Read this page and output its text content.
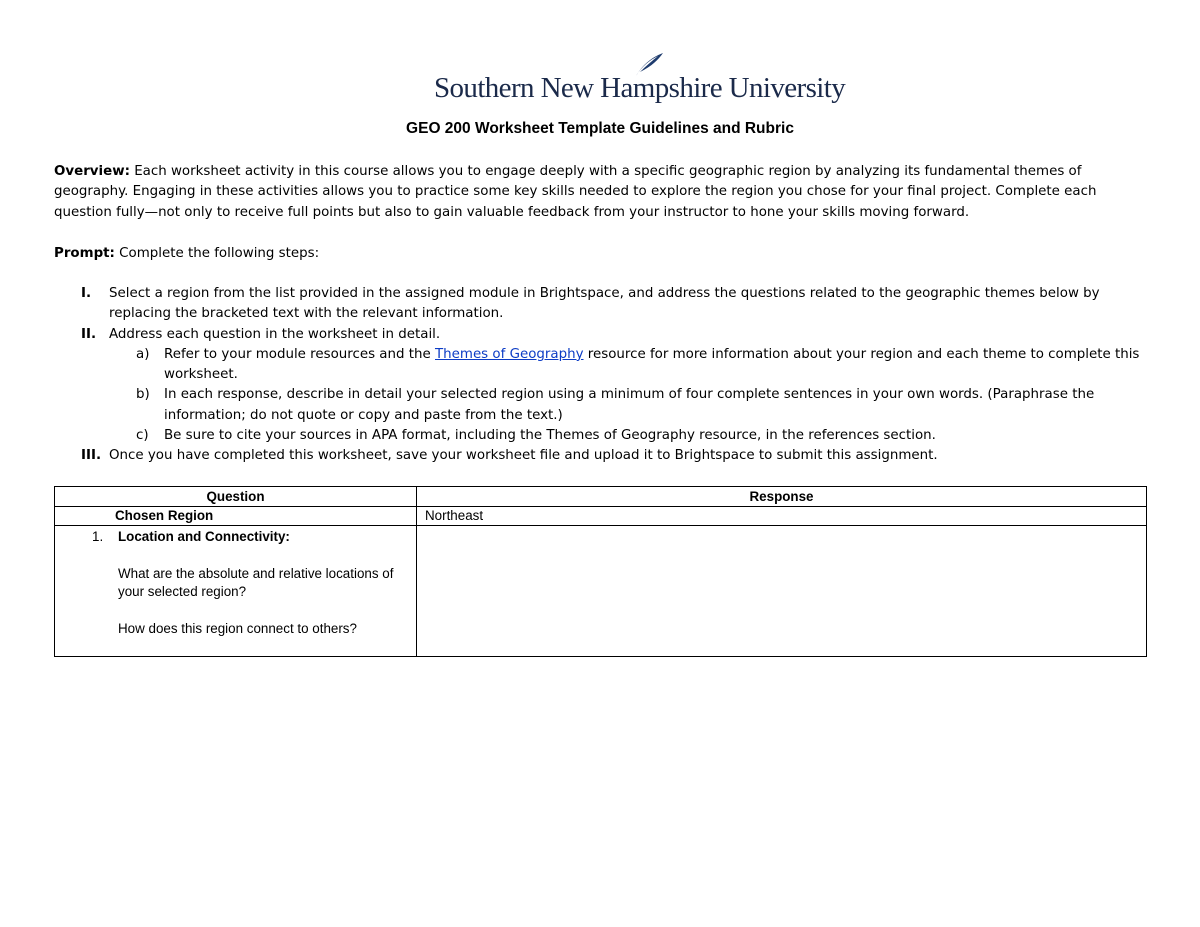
Southern New Hampshire University
GEO 200 Worksheet Template Guidelines and Rubric

Overview: Each worksheet activity in this course allows you to engage deeply with a specific geographic region by analyzing its fundamental themes of geography. Engaging in these activities allows you to practice some key skills needed to explore the region you chose for your final project. Complete each question fully—not only to receive full points but also to gain valuable feedback from your instructor to hone your skills moving forward.

Prompt: Complete the following steps:

I. Select a region from the list provided in the assigned module in Brightspace, and address the questions related to the geographic themes below by replacing the bracketed text with the relevant information.
II. Address each question in the worksheet in detail.
a) Refer to your module resources and the Themes of Geography resource for more information about your region and each theme to complete this worksheet.
b) In each response, describe in detail your selected region using a minimum of four complete sentences in your own words. (Paraphrase the information; do not quote or copy and paste from the text.)
c) Be sure to cite your sources in APA format, including the Themes of Geography resource, in the references section.
III. Once you have completed this worksheet, save your worksheet file and upload it to Brightspace to submit this assignment.
Question	Response
Chosen Region	Northeast

1. Location and Connectivity:
What are the absolute and relative locations of your selected region?
How does this region connect to others?	
